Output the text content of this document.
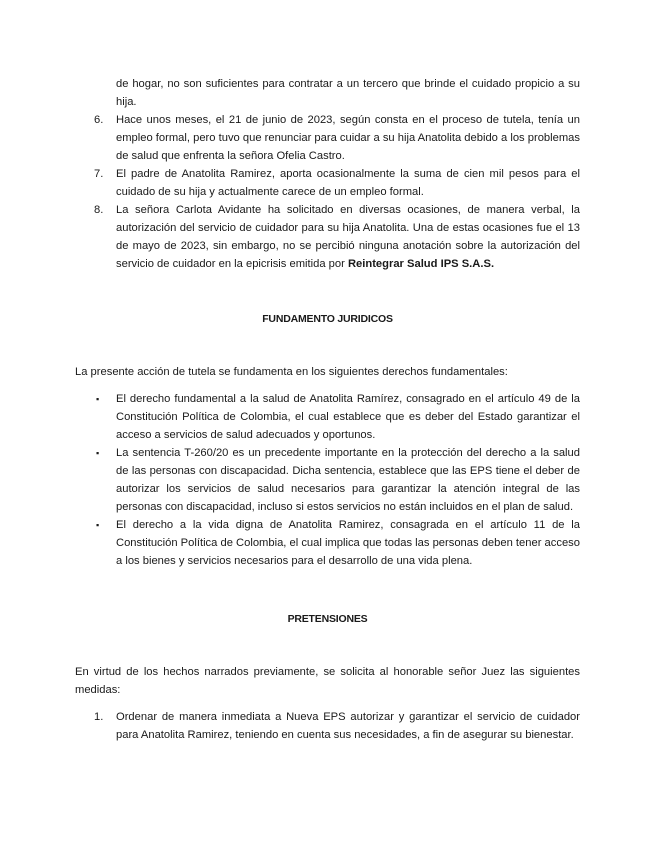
de hogar, no son suficientes para contratar a un tercero que brinde el cuidado propicio a su hija.
6. Hace unos meses, el 21 de junio de 2023, según consta en el proceso de tutela, tenía un empleo formal, pero tuvo que renunciar para cuidar a su hija Anatolita debido a los problemas de salud que enfrenta la señora Ofelia Castro.
7. El padre de Anatolita Ramirez, aporta ocasionalmente la suma de cien mil pesos para el cuidado de su hija y actualmente carece de un empleo formal.
8. La señora Carlota Avidante ha solicitado en diversas ocasiones, de manera verbal, la autorización del servicio de cuidador para su hija Anatolita. Una de estas ocasiones fue el 13 de mayo de 2023, sin embargo, no se percibió ninguna anotación sobre la autorización del servicio de cuidador en la epicrisis emitida por Reintegrar Salud IPS S.A.S.
FUNDAMENTO JURIDICOS
La presente acción de tutela se fundamenta en los siguientes derechos fundamentales:
▪ El derecho fundamental a la salud de Anatolita Ramírez, consagrado en el artículo 49 de la Constitución Política de Colombia, el cual establece que es deber del Estado garantizar el acceso a servicios de salud adecuados y oportunos.
▪ La sentencia T-260/20 es un precedente importante en la protección del derecho a la salud de las personas con discapacidad. Dicha sentencia, establece que las EPS tiene el deber de autorizar los servicios de salud necesarios para garantizar la atención integral de las personas con discapacidad, incluso si estos servicios no están incluidos en el plan de salud.
▪ El derecho a la vida digna de Anatolita Ramirez, consagrada en el artículo 11 de la Constitución Política de Colombia, el cual implica que todas las personas deben tener acceso a los bienes y servicios necesarios para el desarrollo de una vida plena.
PRETENSIONES
En virtud de los hechos narrados previamente, se solicita al honorable señor Juez las siguientes medidas:
1. Ordenar de manera inmediata a Nueva EPS autorizar y garantizar el servicio de cuidador para Anatolita Ramirez, teniendo en cuenta sus necesidades, a fin de asegurar su bienestar.
